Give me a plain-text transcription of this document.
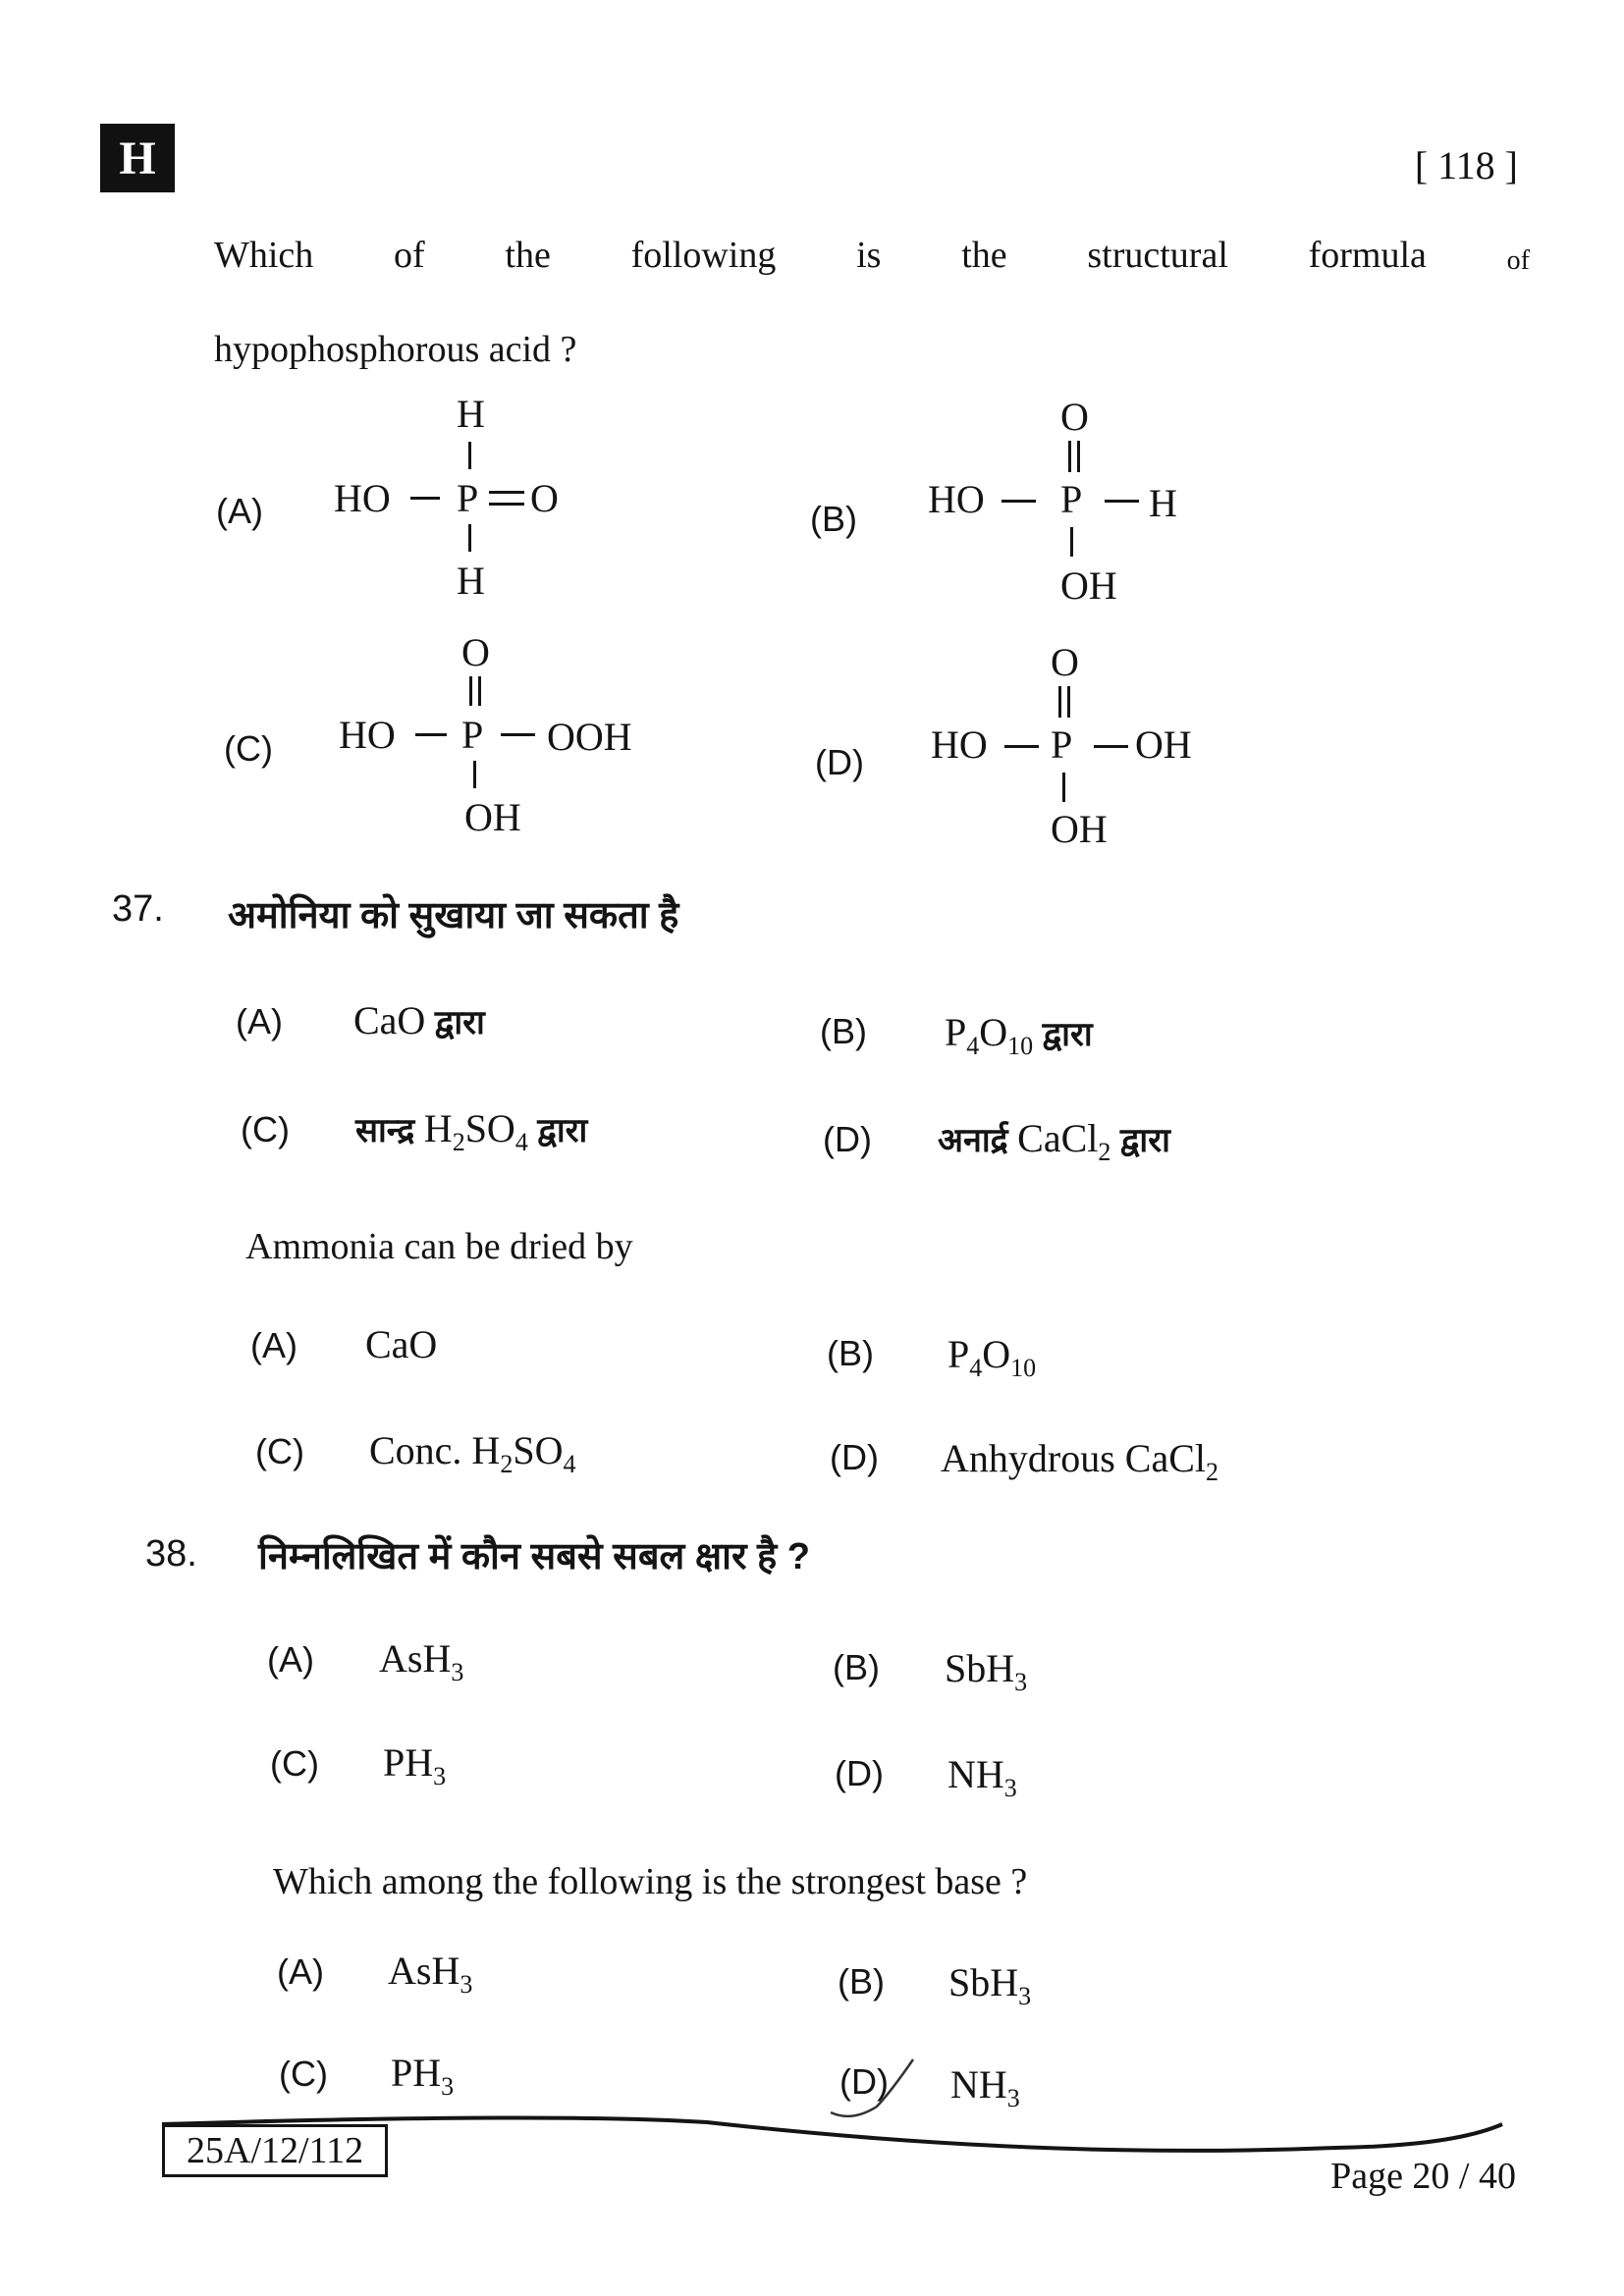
H	[ 118 ]
Which of the following is the structural formula	of
hypophosphorous acid ?
(A)
H
HO P O
H
(B)
O
HO P H
OH
(C)
O
HO P OOH
OH
(D)
O
HO P OH
OH
37. अमोनिया को सुखाया जा सकता है
(A) CaO द्वारा	(B) $P_4O_{10}$ द्वारा
(C) सान्द्र $H_2SO_4$ द्वारा	(D) अनार्द्र CaCl$_2$ द्वारा
Ammonia can be dried by
(A) CaO	(B) $P_4O_{10}$
(C) Conc. $H_2SO_4$	(D) Anhydrous CaCl$_2$
38. निम्नलिखित में कौन सबसे सबल क्षार है ?
(A) AsH$_3$	(B) SbH$_3$
(C) $PH_3$	(D) $NH_3$
Which among the following is the strongest base ?
(A) AsH$_3$	(B) SbH$_3$
(C) $PH_3$	(D) $NH_3$
25A/12/112
Page 20 / 40
